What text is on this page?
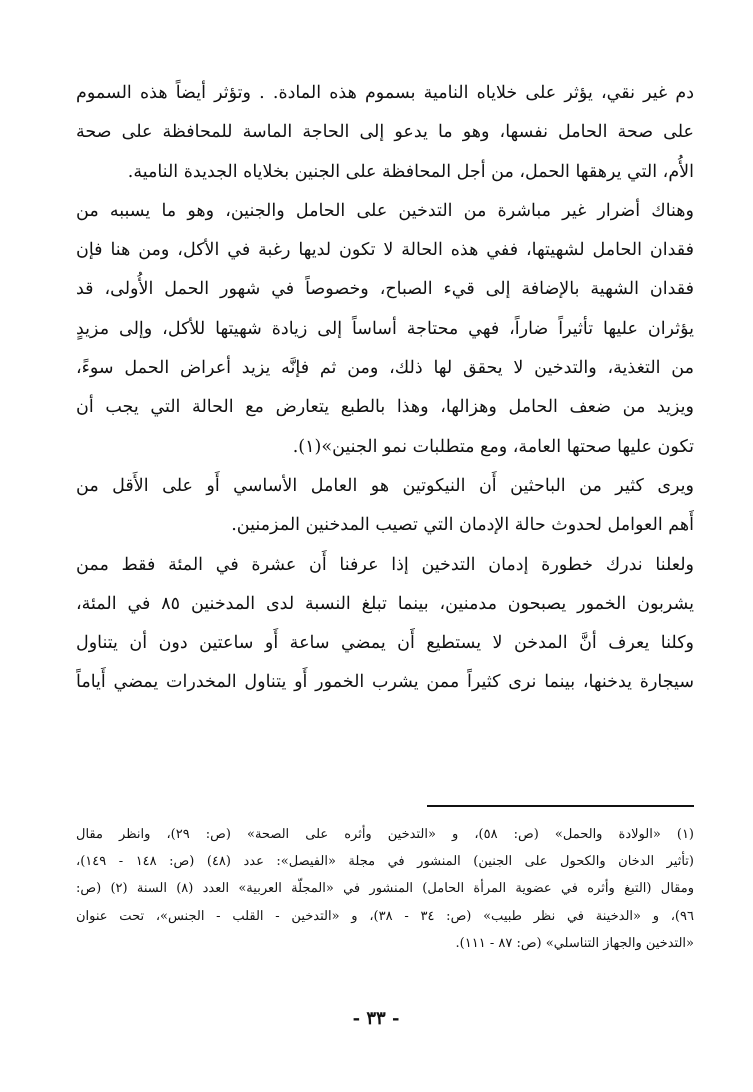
دم غير نقي، يؤثر على خلاياه النامية بسموم هذه المادة. . وتؤثر أيضاً هذه السموم
على صحة الحامل نفسها، وهو ما يدعو إلى الحاجة الماسة للمحافظة على صحة
الأُم، التي يرهقها الحمل، من أجل المحافظة على الجنين بخلاياه الجديدة النامية.
وهناك أضرار غير مباشرة من التدخين على الحامل والجنين، وهو ما يسببه من
فقدان الحامل لشهيتها، ففي هذه الحالة لا تكون لديها رغبة في الأكل، ومن هنا فإن
فقدان الشهية بالإضافة إلى قيء الصباح، وخصوصاً في شهور الحمل الأُولى، قد
يؤثران عليها تأثيراً ضاراً، فهي محتاجة أساساً إلى زيادة شهيتها للأكل، وإلى مزيدٍ
من التغذية، والتدخين لا يحقق لها ذلك، ومن ثم فإنَّه يزيد أعراض الحمل سوءً،
ويزيد من ضعف الحامل وهزالها، وهذا بالطبع يتعارض مع الحالة التي يجب أن
تكون عليها صحتها العامة، ومع متطلبات نمو الجنين»(١).
ويرى كثير من الباحثين أَن النيكوتين هو العامل الأساسي أَو على الأَقل من
أَهم العوامل لحدوث حالة الإدمان التي تصيب المدخنين المزمنين.
ولعلنا ندرك خطورة إدمان التدخين إذا عرفنا أَن عشرة في المئة فقط ممن
يشربون الخمور يصبحون مدمنين، بينما تبلغ النسبة لدى المدخنين ٨٥ في المئة،
وكلنا يعرف أنَّ المدخن لا يستطيع أَن يمضي ساعة أَو ساعتين دون أن يتناول
سيجارة يدخنها، بينما نرى كثيراً ممن يشرب الخمور أَو يتناول المخدرات يمضي أَياماً
(١) «الولادة والحمل» (ص: ٥٨)، و «التدخين وأثره على الصحة» (ص: ٢٩)، وانظر مقال
(تأثير الدخان والكحول على الجنين) المنشور في مجلة «الفيصل»: عدد (٤٨) (ص: ١٤٨ - ١٤٩)،
ومقال (التبغ وأثره في عضوية المرأة الحامل) المنشور في «المجلّة العربية» العدد (٨) السنة (٢) (ص:
٩٦)، و «الدخينة في نظر طبيب» (ص: ٣٤ - ٣٨)، و «التدخين - القلب - الجنس»، تحت عنوان
«التدخين والجهاز التناسلي» (ص: ٨٧ - ١١١).
- ٣٣ -
